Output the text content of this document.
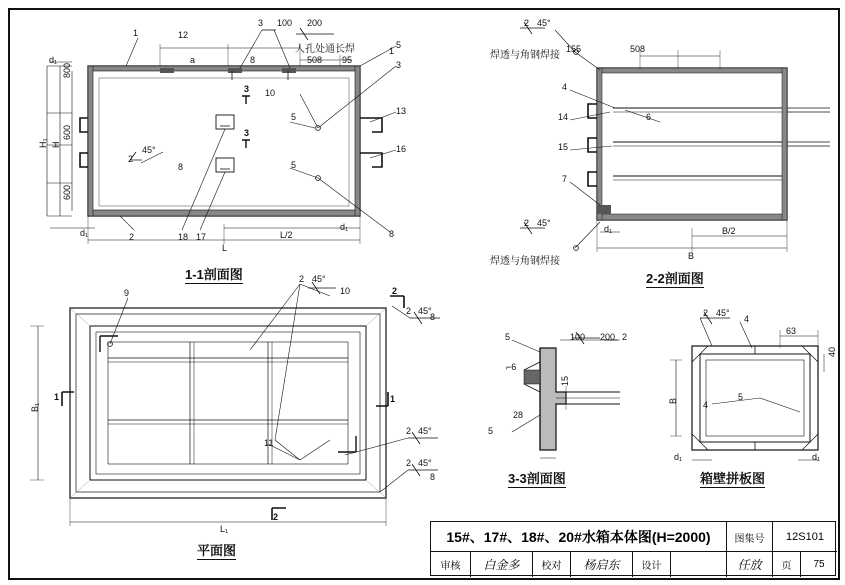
1	12
3 100 200
人孔处通长焊	5
3
13
16
a	8	508 95
10
5
5
2
45°
8
2	18 17	8
1
3
3
d₁
d₁
d₁
800
600
600
H₁ H
L/2
L
1-1剖面图
2 45°
焊透与角钢焊接
155	508
4
14	6
15
7
2 45°
焊透与角钢焊接
d₁
B
B/2
2-2剖面图
9	10
2 45°
2 45°
8
11
2 45°
2 45°
8
1	1
2
2
B₁
L₁
平面图
5	100 200 2
⌐6
28
15
5
3-3剖面图
2 45°
4
63
40
B	4
5
d₁	d₁
箱壁拼板图
15#、17#、18#、20#水箱本体图(H=2000)	图集号	12S101
审核	白金多	校对	杨启东	设计	任放	页	75
